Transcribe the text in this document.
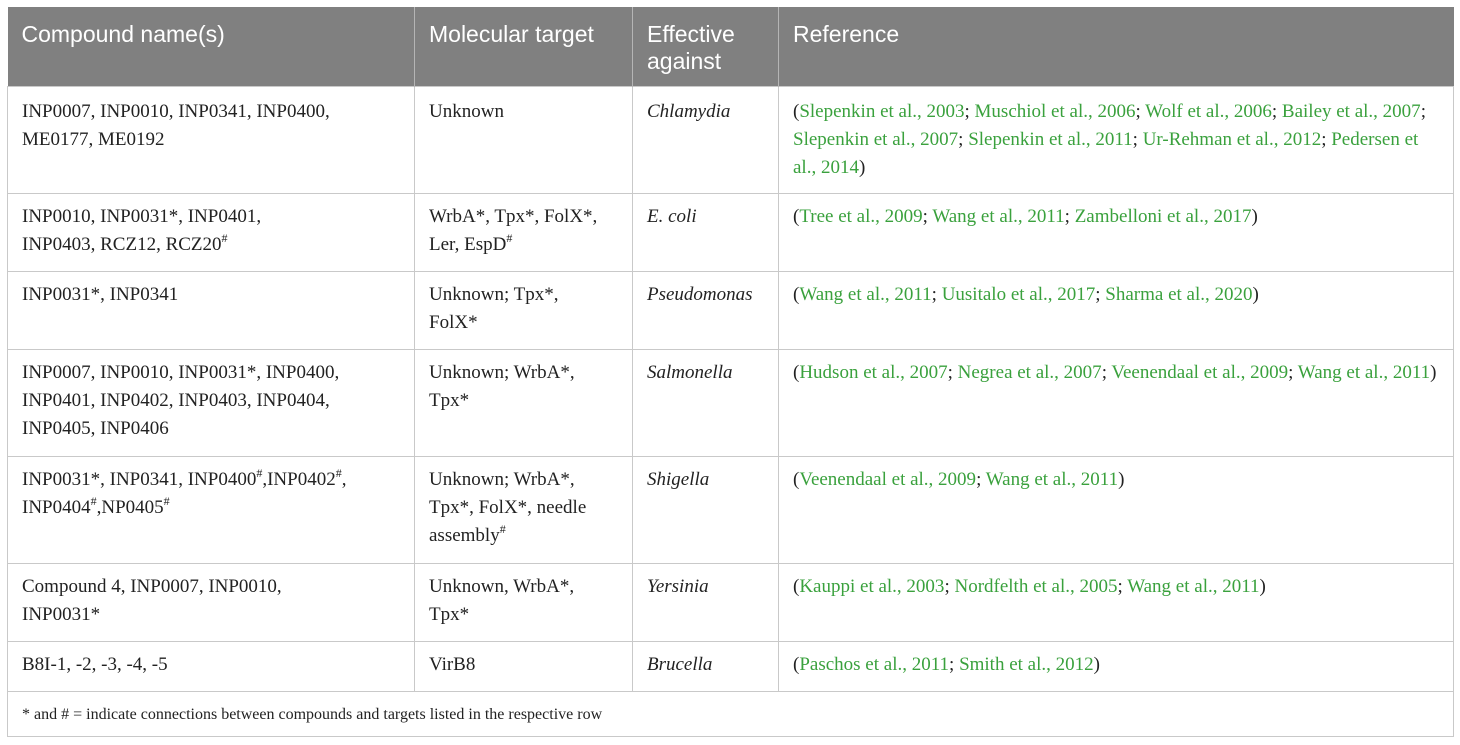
Compound name(s)	Molecular target	Effective against	Reference
INP0007, INP0010, INP0341, INP0400,
ME0177, ME0192	Unknown	Chlamydia	(Slepenkin et al., 2003; Muschiol et al., 2006; Wolf et al., 2006; Bailey et al., 2007; Slepenkin et al., 2007; Slepenkin et al., 2011; Ur-Rehman et al., 2012; Pedersen et al., 2014)
INP0010, INP0031*, INP0401,
INP0403, RCZ12, RCZ20#	WrbA*, Tpx*, FolX*,
Ler, EspD#	E. coli	(Tree et al., 2009; Wang et al., 2011; Zambelloni et al., 2017)
INP0031*, INP0341	Unknown; Tpx*,
FolX*	Pseudomonas	(Wang et al., 2011; Uusitalo et al., 2017; Sharma et al., 2020)
INP0007, INP0010, INP0031*, INP0400,
INP0401, INP0402, INP0403, INP0404,
INP0405, INP0406	Unknown; WrbA*,
Tpx*	Salmonella	(Hudson et al., 2007; Negrea et al., 2007; Veenendaal et al., 2009; Wang et al., 2011)
INP0031*, INP0341, INP0400#,INP0402#,
INP0404#,NP0405#	Unknown; WrbA*,
Tpx*, FolX*, needle
assembly#	Shigella	(Veenendaal et al., 2009; Wang et al., 2011)
Compound 4, INP0007, INP0010,
INP0031*	Unknown, WrbA*,
Tpx*	Yersinia	(Kauppi et al., 2003; Nordfelth et al., 2005; Wang et al., 2011)
B8I-1, -2, -3, -4, -5	VirB8	Brucella	(Paschos et al., 2011; Smith et al., 2012)
* and # = indicate connections between compounds and targets listed in the respective row			
